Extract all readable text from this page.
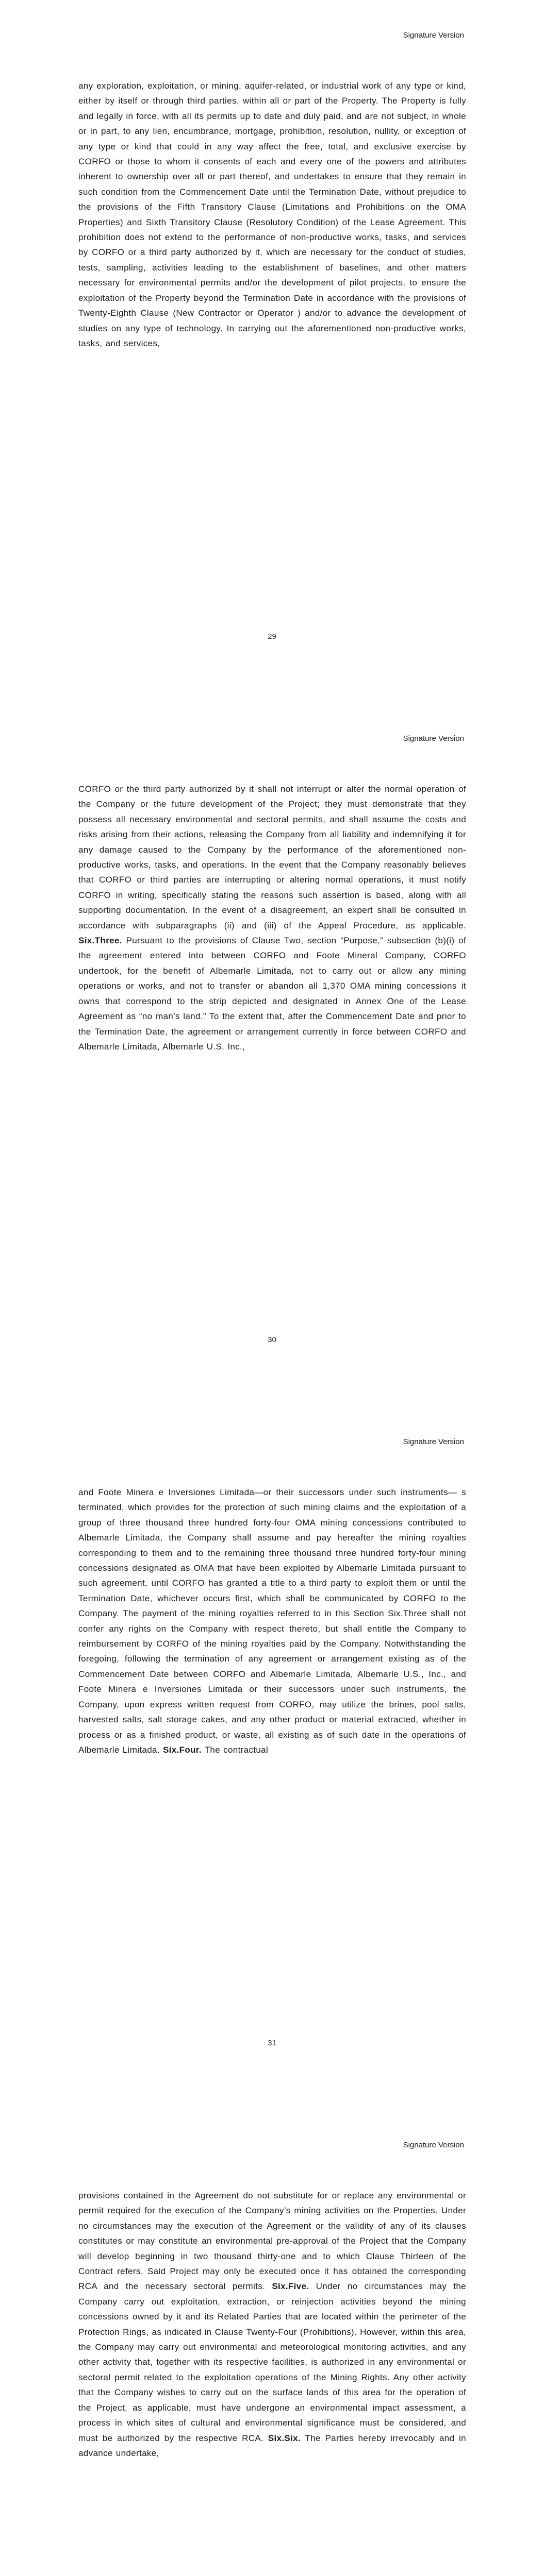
Signature Version
any exploration, exploitation, or mining, aquifer-related, or industrial work of any type or kind, either by itself or through third parties, within all or part of the Property. The Property is fully and legally in force, with all its permits up to date and duly paid, and are not subject, in whole or in part, to any lien, encumbrance, mortgage, prohibition, resolution, nullity, or exception of any type or kind that could in any way affect the free, total, and exclusive exercise by CORFO or those to whom it consents of each and every one of the powers and attributes inherent to ownership over all or part thereof, and undertakes to ensure that they remain in such condition from the Commencement Date until the Termination Date, without prejudice to the provisions of the Fifth Transitory Clause (Limitations and Prohibitions on the OMA Properties) and Sixth Transitory Clause (Resolutory Condition) of the Lease Agreement. This prohibition does not extend to the performance of non-productive works, tasks, and services by CORFO or a third party authorized by it, which are necessary for the conduct of studies, tests, sampling, activities leading to the establishment of baselines, and other matters necessary for environmental permits and/or the development of pilot projects, to ensure the exploitation of the Property beyond the Termination Date in accordance with the provisions of Twenty-Eighth Clause (New Contractor or Operator ) and/or to advance the development of studies on any type of technology. In carrying out the aforementioned non-productive works, tasks, and services,
29
Signature Version
CORFO or the third party authorized by it shall not interrupt or alter the normal operation of the Company or the future development of the Project; they must demonstrate that they possess all necessary environmental and sectoral permits, and shall assume the costs and risks arising from their actions, releasing the Company from all liability and indemnifying it for any damage caused to the Company by the performance of the aforementioned non-productive works, tasks, and operations. In the event that the Company reasonably believes that CORFO or third parties are interrupting or altering normal operations, it must notify CORFO in writing, specifically stating the reasons such assertion is based, along with all supporting documentation. In the event of a disagreement, an expert shall be consulted in accordance with subparagraphs (ii) and (iii) of the Appeal Procedure, as applicable. Six.Three. Pursuant to the provisions of Clause Two, section “Purpose,” subsection (b)(i) of the agreement entered into between CORFO and Foote Mineral Company, CORFO undertook, for the benefit of Albemarle Limitada, not to carry out or allow any mining operations or works, and not to transfer or abandon all 1,370 OMA mining concessions it owns that correspond to the strip depicted and designated in Annex One of the Lease Agreement as “no man’s land.” To the extent that, after the Commencement Date and prior to the Termination Date, the agreement or arrangement currently in force between CORFO and Albemarle Limitada, Albemarle U.S. Inc.,
30
Signature Version
and Foote Minera e Inversiones Limitada—or their successors under such instruments— s terminated, which provides for the protection of such mining claims and the exploitation of a group of three thousand three hundred forty-four OMA mining concessions contributed to Albemarle Limitada, the Company shall assume and pay hereafter the mining royalties corresponding to them and to the remaining three thousand three hundred forty-four mining concessions designated as OMA that have been exploited by Albemarle Limitada pursuant to such agreement, until CORFO has granted a title to a third party to exploit them or until the Termination Date, whichever occurs first, which shall be communicated by CORFO to the Company. The payment of the mining royalties referred to in this Section Six.Three shall not confer any rights on the Company with respect thereto, but shall entitle the Company to reimbursement by CORFO of the mining royalties paid by the Company. Notwithstanding the foregoing, following the termination of any agreement or arrangement existing as of the Commencement Date between CORFO and Albemarle Limitada, Albemarle U.S., Inc., and Foote Minera e Inversiones Limitada or their successors under such instruments, the Company, upon express written request from CORFO, may utilize the brines, pool salts, harvested salts, salt storage cakes, and any other product or material extracted, whether in process or as a finished product, or waste, all existing as of such date in the operations of Albemarle Limitada. Six.Four. The contractual
31
Signature Version
provisions contained in the Agreement do not substitute for or replace any environmental or permit required for the execution of the Company’s mining activities on the Properties. Under no circumstances may the execution of the Agreement or the validity of any of its clauses constitutes or may constitute an environmental pre-approval of the Project that the Company will develop beginning in two thousand thirty-one and to which Clause Thirteen of the Contract refers. Said Project may only be executed once it has obtained the corresponding RCA and the necessary sectoral permits. Six.Five. Under no circumstances may the Company carry out exploitation, extraction, or reinjection activities beyond the mining concessions owned by it and its Related Parties that are located within the perimeter of the Protection Rings, as indicated in Clause Twenty-Four (Prohibitions). However, within this area, the Company may carry out environmental and meteorological monitoring activities, and any other activity that, together with its respective facilities, is authorized in any environmental or sectoral permit related to the exploitation operations of the Mining Rights. Any other activity that the Company wishes to carry out on the surface lands of this area for the operation of the Project, as applicable, must have undergone an environmental impact assessment, a process in which sites of cultural and environmental significance must be considered, and must be authorized by the respective RCA. Six.Six. The Parties hereby irrevocably and in advance undertake,
